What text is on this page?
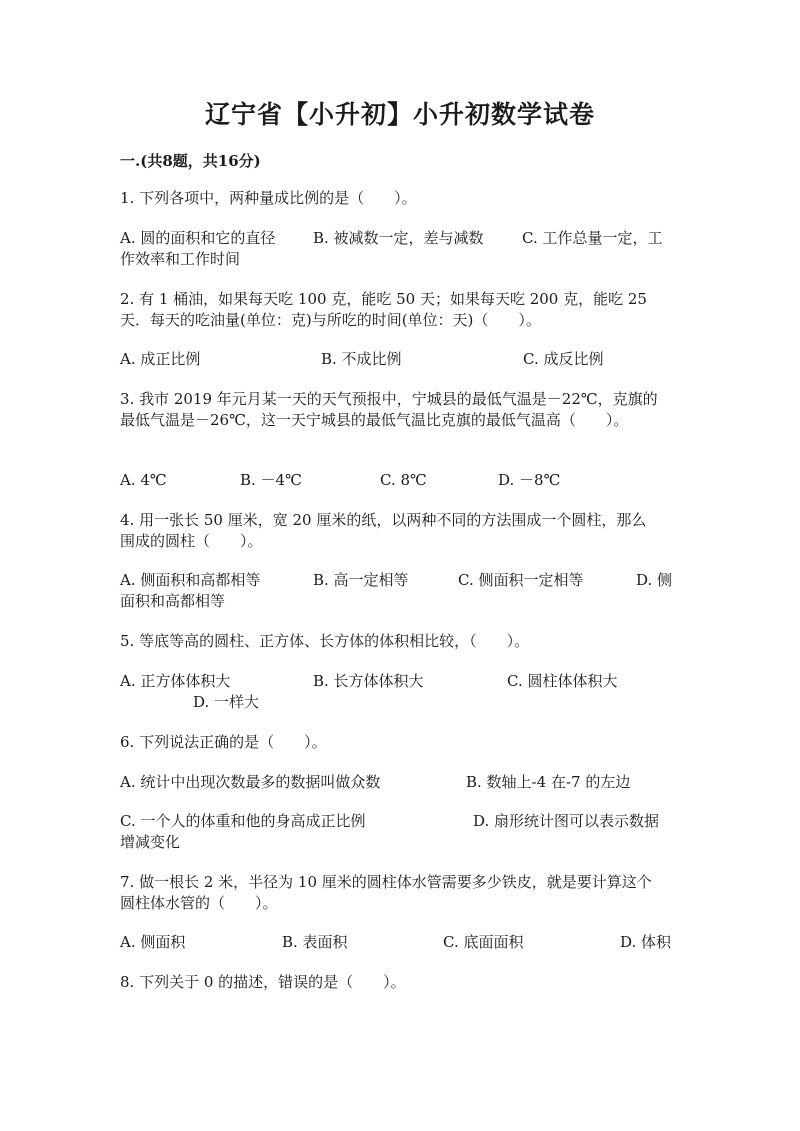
辽宁省【小升初】小升初数学试卷
一.(共8题，共16分)
1. 下列各项中，两种量成比例的是（　　）。
A. 圆的面积和它的直径	B. 被减数一定，差与减数	C. 工作总量一定，工
作效率和工作时间
2. 有 1 桶油，如果每天吃 100 克，能吃 50 天；如果每天吃 200 克，能吃 25
天．每天的吃油量(单位：克)与所吃的时间(单位：天)（　　）。
A. 成正比例	B. 不成比例	C. 成反比例
3. 我市 2019 年元月某一天的天气预报中，宁城县的最低气温是－22℃，克旗的
最低气温是－26℃，这一天宁城县的最低气温比克旗的最低气温高（　　）。
A. 4℃	B. －4℃	C. 8℃	D. －8℃
4. 用一张长 50 厘米，宽 20 厘米的纸，以两种不同的方法围成一个圆柱，那么
围成的圆柱（　　）。
A. 侧面积和高都相等	B. 高一定相等	C. 侧面积一定相等	D. 侧
面积和高都相等
5. 等底等高的圆柱、正方体、长方体的体积相比较，（　　）。
A. 正方体体积大	B. 长方体体积大	C. 圆柱体体积大
D. 一样大
6. 下列说法正确的是（　　）。
A. 统计中出现次数最多的数据叫做众数	B. 数轴上-4 在-7 的左边
C. 一个人的体重和他的身高成正比例	D. 扇形统计图可以表示数据
增减变化
7. 做一根长 2 米，半径为 10 厘米的圆柱体水管需要多少铁皮，就是要计算这个
圆柱体水管的（　　）。
A. 侧面积	B. 表面积	C. 底面面积	D. 体积
8. 下列关于 0 的描述，错误的是（　　）。
